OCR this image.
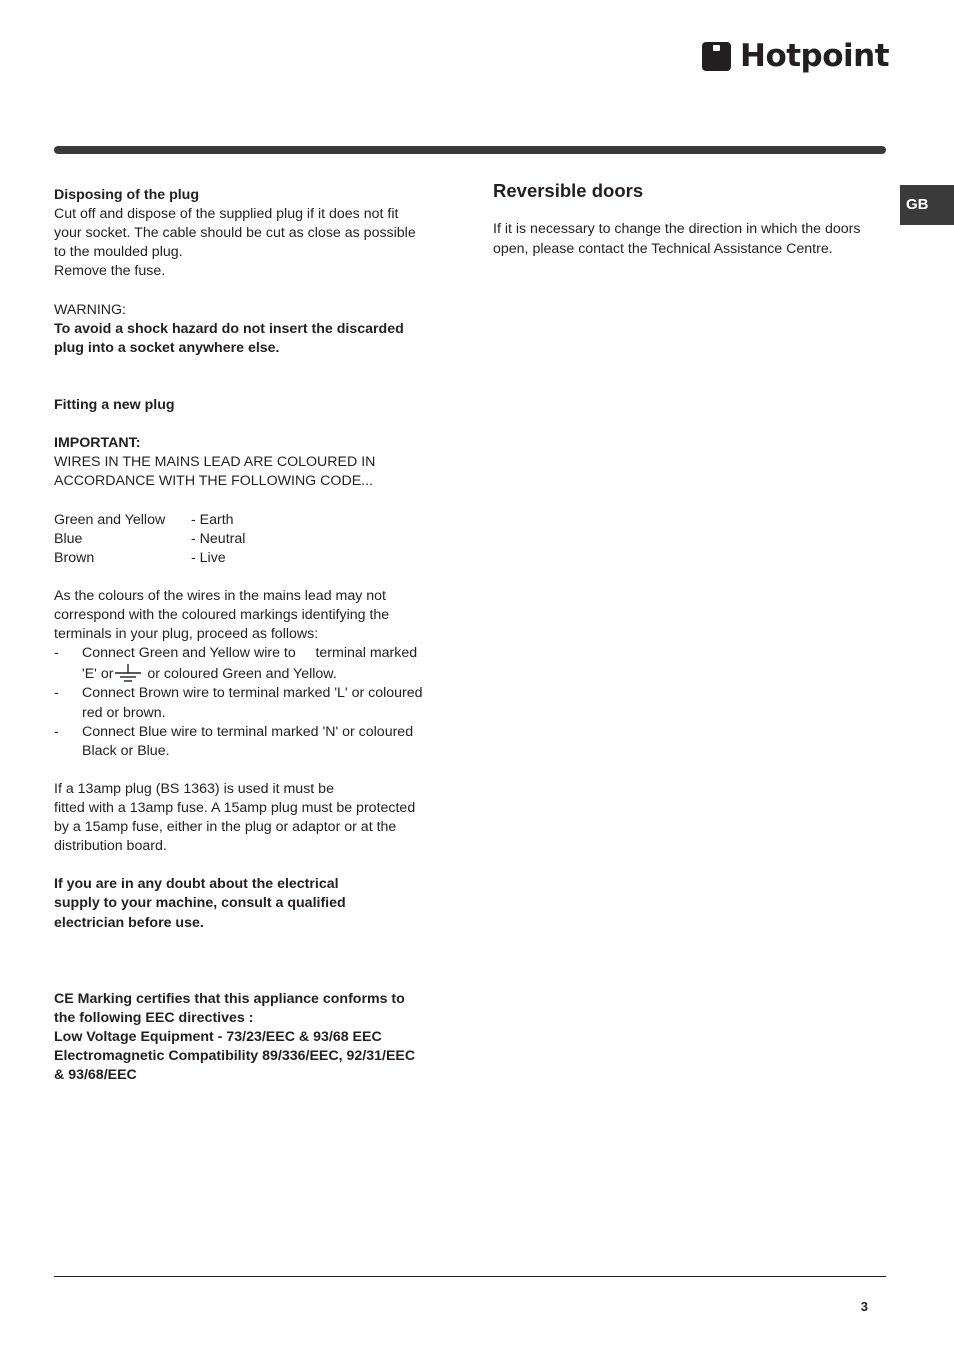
Hotpoint
GB

Disposing of the plug

Cut off and dispose of the supplied plug if it does not fit

your socket. The cable should be cut as close as possible

to the moulded plug.

Remove the fuse.

WARNING:

To avoid a shock hazard do not insert the discarded

plug into a socket anywhere else.

Fitting a new plug

IMPORTANT:

WIRES IN THE MAINS LEAD ARE COLOURED IN

ACCORDANCE WITH THE FOLLOWING CODE...

Green and Yellow	- Earth
Blue	- Neutral
Brown	- Live

As the colours of the wires in the mains lead may not

correspond with the coloured markings identifying the

terminals in your plug, proceed as follows:

- Connect Green and Yellow wire to     terminal marked
'E' or or coloured Green and Yellow.
- Connect Brown wire to terminal marked 'L' or coloured
red or brown.
- Connect Blue wire to terminal marked 'N' or coloured
Black or Blue.

If a 13amp plug (BS 1363) is used it must be

fitted with a 13amp fuse. A 15amp plug must be protected

by a 15amp fuse, either in the plug or adaptor or at the

distribution board.

If you are in any doubt about the electrical

supply to your machine, consult a qualified

electrician before use.

CE Marking certifies that this appliance conforms to

the following EEC directives :

Low Voltage Equipment - 73/23/EEC & 93/68 EEC

Electromagnetic Compatibility 89/336/EEC, 92/31/EEC

& 93/68/EEC

Reversible doors

If it is necessary to change the direction in which the doors open, please contact the Technical Assistance Centre.

3
